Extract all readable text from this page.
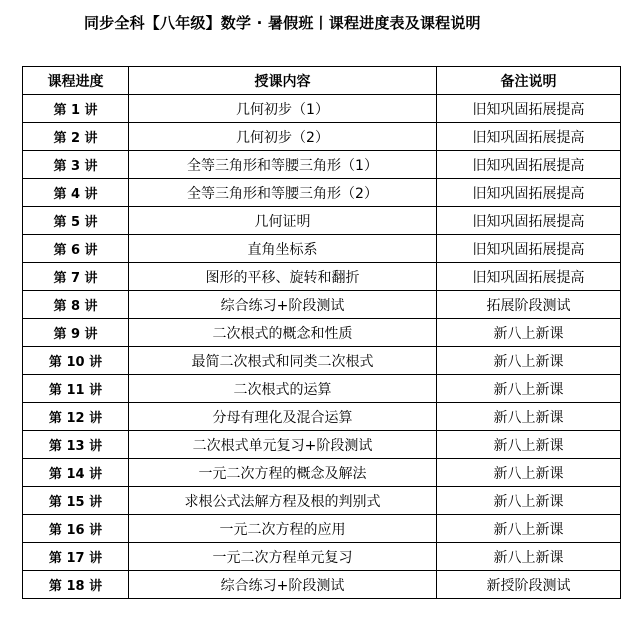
同步全科【八年级】数学 · 暑假班丨课程进度表及课程说明
课程进度	授课内容	备注说明
第 1 讲	几何初步（1）	旧知巩固拓展提高
第 2 讲	几何初步（2）	旧知巩固拓展提高
第 3 讲	全等三角形和等腰三角形（1）	旧知巩固拓展提高
第 4 讲	全等三角形和等腰三角形（2）	旧知巩固拓展提高
第 5 讲	几何证明	旧知巩固拓展提高
第 6 讲	直角坐标系	旧知巩固拓展提高
第 7 讲	图形的平移、旋转和翻折	旧知巩固拓展提高
第 8 讲	综合练习+阶段测试	拓展阶段测试
第 9 讲	二次根式的概念和性质	新八上新课
第 10 讲	最简二次根式和同类二次根式	新八上新课
第 11 讲	二次根式的运算	新八上新课
第 12 讲	分母有理化及混合运算	新八上新课
第 13 讲	二次根式单元复习+阶段测试	新八上新课
第 14 讲	一元二次方程的概念及解法	新八上新课
第 15 讲	求根公式法解方程及根的判别式	新八上新课
第 16 讲	一元二次方程的应用	新八上新课
第 17 讲	一元二次方程单元复习	新八上新课
第 18 讲	综合练习+阶段测试	新授阶段测试
